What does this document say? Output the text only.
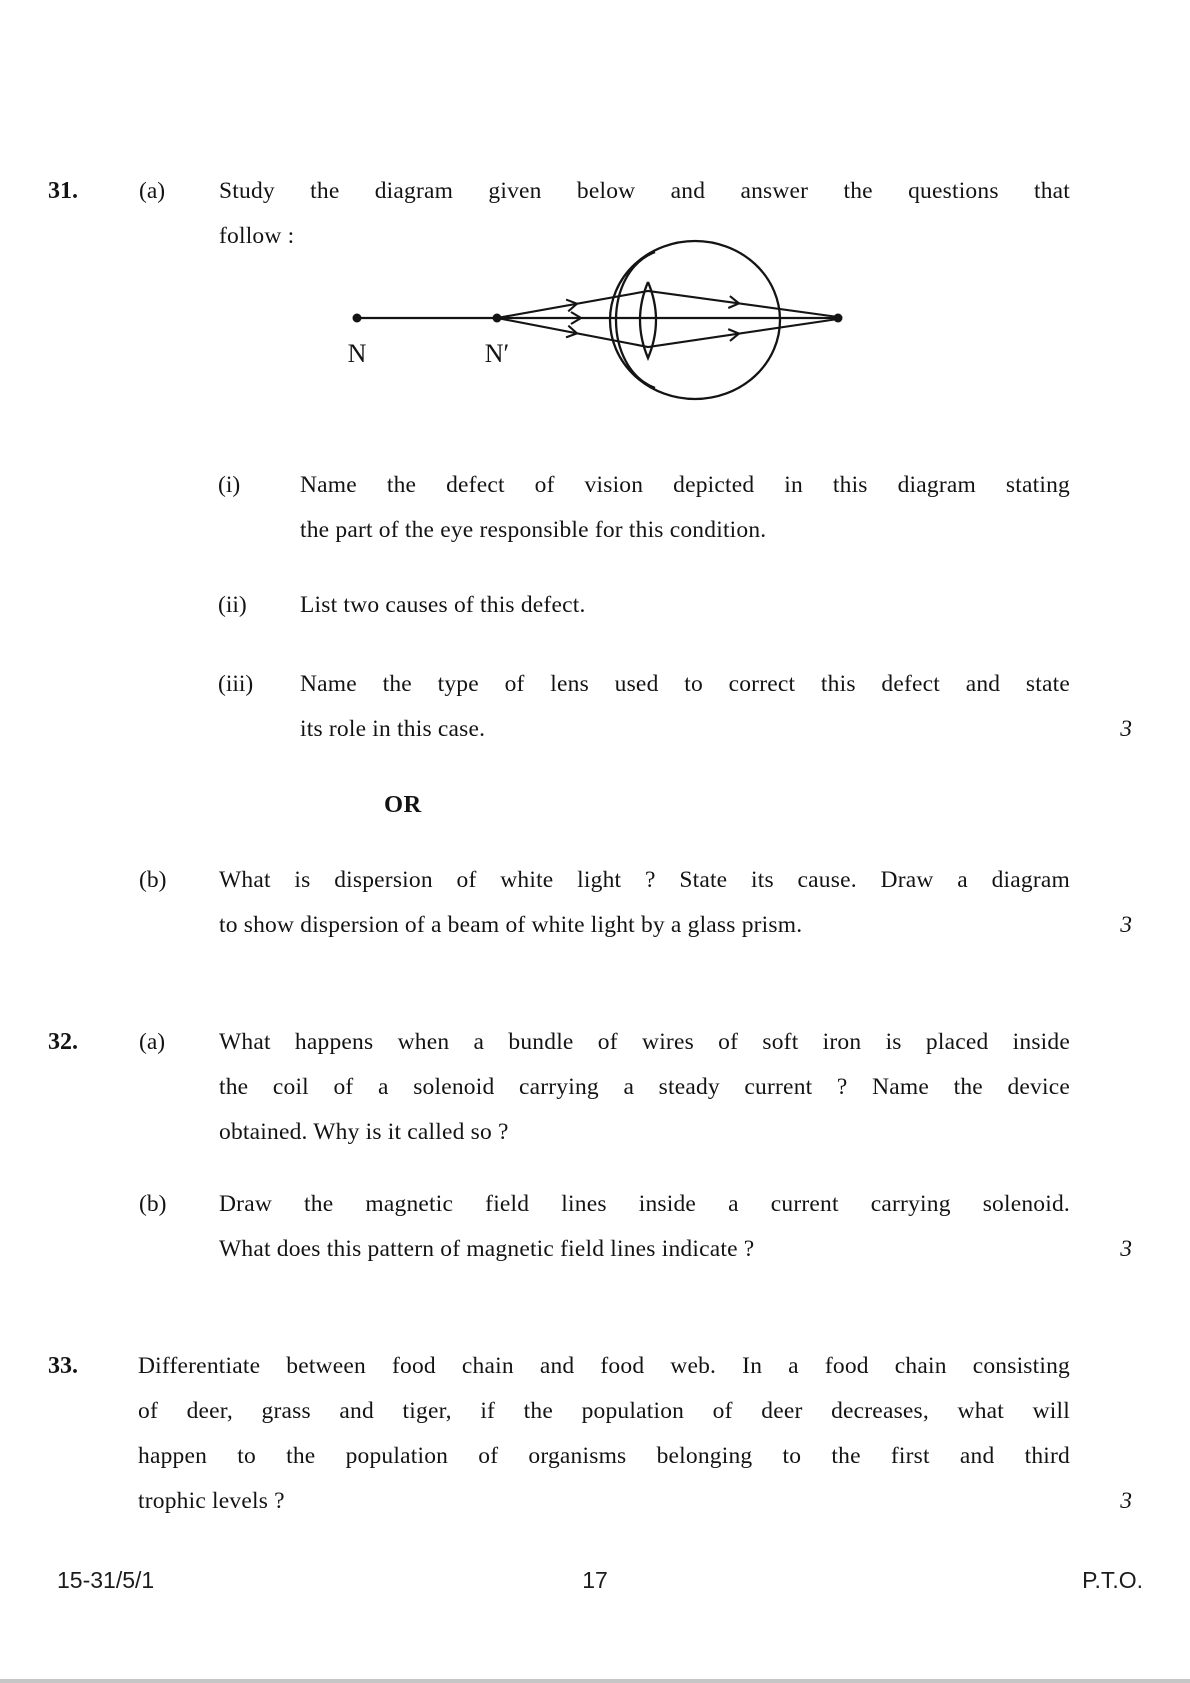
31.	(a) Study the diagram given below and answer the questions that
follow :
N	N′
(i)	Name the defect of vision depicted in this diagram stating
the part of the eye responsible for this condition.
(ii) List two causes of this defect.
(iii) Name the type of lens used to correct this defect and state
its role in this case.	3
OR
(b) What is dispersion of white light ? State its cause. Draw a diagram
to show dispersion of a beam of white light by a glass prism.	3
32.	(a) What happens when a bundle of wires of soft iron is placed inside
the coil of a solenoid carrying a steady current ? Name the device
obtained. Why is it called so ?
(b) Draw the magnetic field lines inside a current carrying solenoid.
What does this pattern of magnetic field lines indicate ?	3
33.	Differentiate between food chain and food web. In a food chain consisting
of deer, grass and tiger, if the population of deer decreases, what will
happen to the population of organisms belonging to the first and third
trophic levels ?	3
15-31/5/1	17	P.T.O.
